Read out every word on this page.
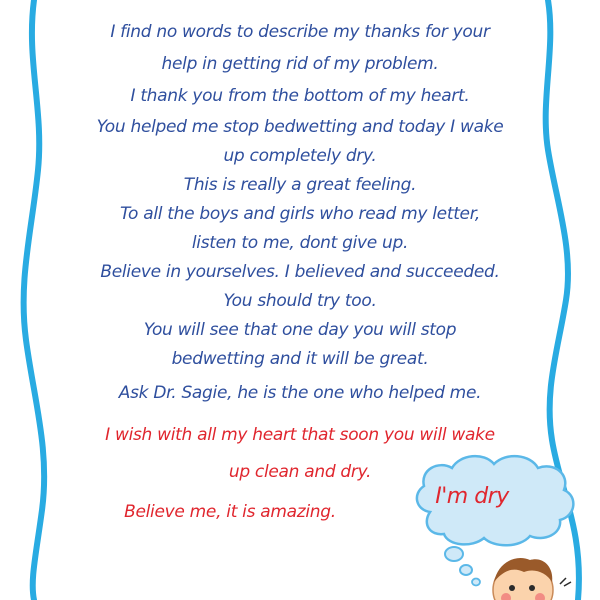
I find no words to describe my thanks for your
help in getting rid of my problem.
I thank you from the bottom of my heart.
You helped me stop bedwetting and today I wake
up completely dry.
This is really a great feeling.
To all the boys and girls who read my letter,
listen to me, dont give up.
Believe in yourselves. I believed and succeeded.
You should try too.
You will see that one day you will stop
bedwetting and it will be great.
Ask Dr. Sagie, he is the one who helped me.
I wish with all my heart that soon you will wake
up clean and dry.
Believe me, it is amazing.
I'm dry
